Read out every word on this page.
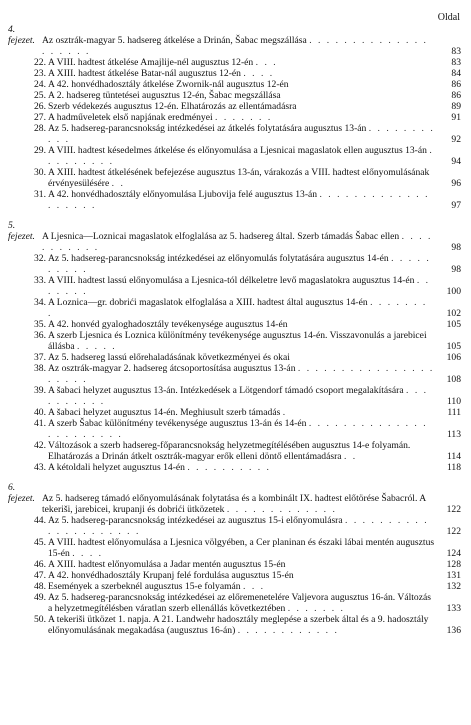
Oldal
4. fejezet. Az osztrák-magyar 5. hadsereg átkelése a Drinán, Šabac megszállása . . . . . . . . . . . . . . . . . . . .	83
22. A VIII. hadtest átkelése Amajlije-nél augusztus 12-én . . .	83
23. A XIII. hadtest átkelése Batar-nál augusztus 12-én . . . .	84
24. A 42. honvédhadosztály átkelése Zwornik-nál augusztus 12-én	86
25. A 2. hadsereg tüntetései augusztus 12-én, Šabac megszállása	86
26. Szerb védekezés augusztus 12-én. Elhatározás az ellentámadásra	89
27. A hadműveletek első napjának eredményei . . . . . . .	91
28. Az 5. hadsereg-parancsnokság intézkedései az átkelés folytatására augusztus 13-án . . . . . . . . . . .	92
29. A VIII. hadtest késedelmes átkelése és előnyomulása a Ljesnicai magaslatok ellen augusztus 13-án . . . . . . . . .	94
30. A XIII. hadtest átkelésének befejezése augusztus 13-án, várakozás a VIII. hadtest előnyomulásának érvényesülésére . .	96
31. A 42. honvédhadosztály előnyomulása Ljubovija felé augusztus 13-án . . . . . . . . . . . . . . . . . . .	97
5. fejezet. A Ljesnica—Loznicai magaslatok elfoglalása az 5. hadsereg által. Szerb támadás Šabac ellen . . . . . . . . . . .	98
32. Az 5. hadsereg-parancsnokság intézkedései az előnyomulás folytatására augusztus 14-én . . . . . . . . . .	98
33. A VIII. hadtest lassú előnyomulása a Ljesnica-tól délkeletre levő magaslatokra augusztus 14-én . . . . . . .	100
34. A Loznica—gr. dobrići magaslatok elfoglalása a XIII. hadtest által augusztus 14-én . . . . . . . .	102
35. A 42. honvéd gyaloghadosztály tevékenysége augusztus 14-én	105
36. A szerb Ljesnica és Loznica különítmény tevékenysége augusztus 14-én. Visszavonulás a jarebicei állásba . . . . .	105
37. Az 5. hadsereg lassú előrehaladásának következményei és okai	106
38. Az osztrák-magyar 2. hadsereg átcsoportosítása augusztus 13-án . . . . . . . . . . . . . . . . . . . . .	108
39. A šabaci helyzet augusztus 13-án. Intézkedések a Lötgendorf támadó csoport megalakítására . . . . . . . . . .	110
40. A šabaci helyzet augusztus 14-én. Meghiusult szerb támadás .	111
41. A szerb Šabac különítmény tevékenysége augusztus 13-án és 14-én . . . . . . . . . . . . . . . . . . . . . . .	113
42. Változások a szerb hadsereg-főparancsnokság helyzetmegítélésében augusztus 14-e folyamán. Elhatározás a Drinán átkelt osztrák-magyar erők elleni döntő ellentámadásra . .	114
43. A kétoldali helyzet augusztus 14-én . . . . . . . . . .	118
6. fejezet. Az 5. hadsereg támadó előnyomulásának folytatása és a kombinált IX. hadtest előtörése Šabacról. A tekeriši, jarebicei, krupanji és dobrići ütközetek . . . . . . . . . . . . .	122
44. Az 5. hadsereg-parancsnokság intézkedései az augusztus 15-i előnyomulásra . . . . . . . . . . . . . . . . . . . . .	122
45. A VIII. hadtest előnyomulása a Ljesnica völgyében, a Cer planinan és északi lábai mentén augusztus 15-én . . . .	124
46. A XIII. hadtest előnyomulása a Jadar mentén augusztus 15-én	128
47. A 42. honvédhadosztály Krupanj felé fordulása augusztus 15-én	131
48. Események a szerbeknél augusztus 15-e folyamán . . .	132
49. Az 5. hadsereg-parancsnokság intézkedései az előremenetelére Valjevora augusztus 16-án. Változás a helyzetmegítélésben váratlan szerb ellenállás következtében . . . . . . .	133
50. A tekeriši ütközet 1. napja. A 21. Landwehr hadosztály meglepése a szerbek által és a 9. hadosztály előnyomulásának megakadása (augusztus 16-án) . . . . . . . . . . . .	136
